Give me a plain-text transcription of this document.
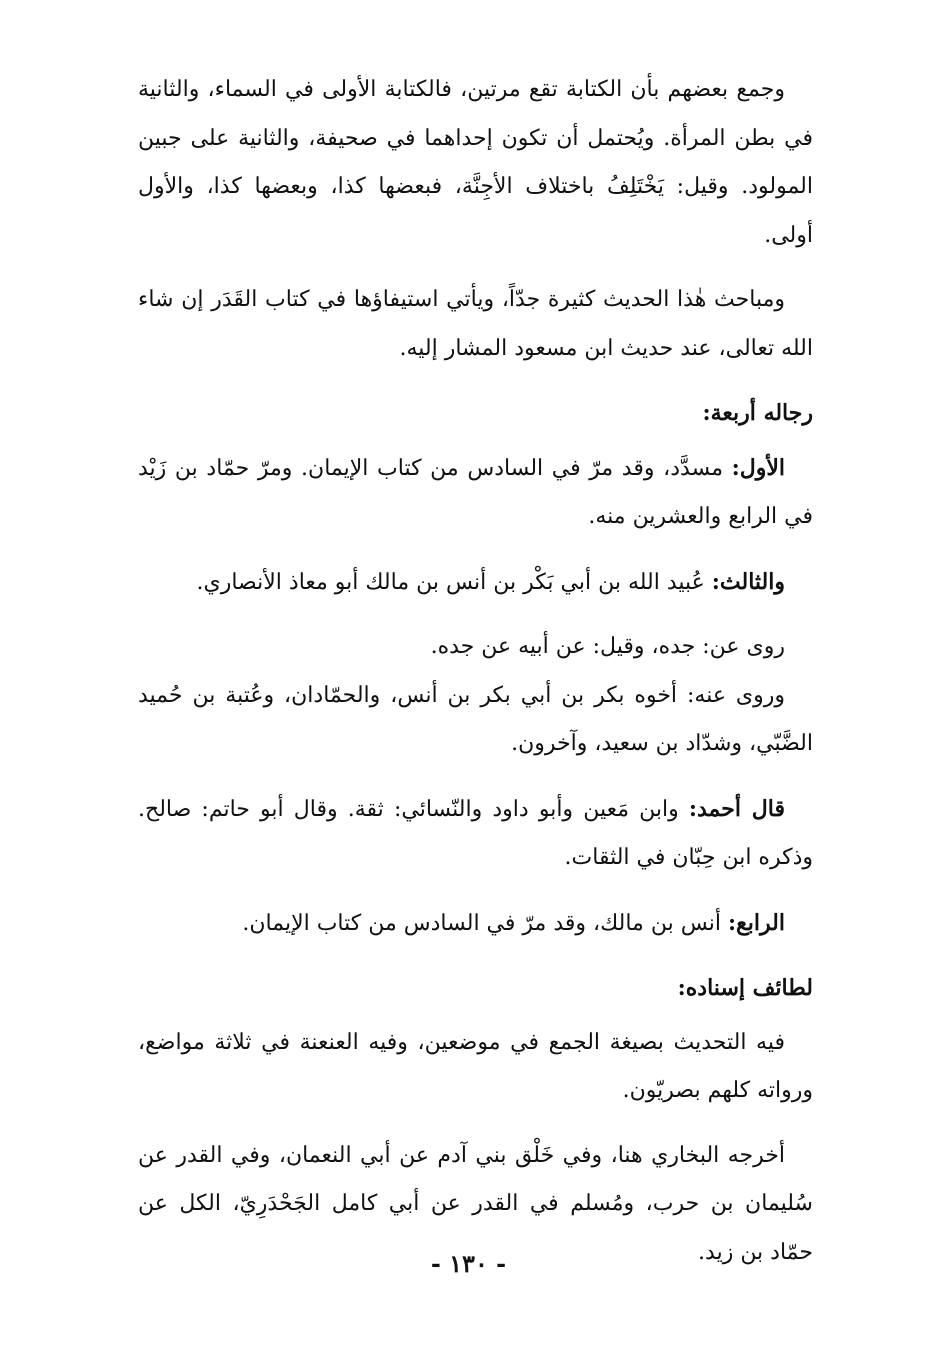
وجمع بعضهم بأن الكتابة تقع مرتين، فالكتابة الأولى في السماء، والثانية في بطن المرأة. ويُحتمل أن تكون إحداهما في صحيفة، والثانية على جبين المولود. وقيل: يَخْتَلِفُ باختلاف الأجِنَّة، فبعضها كذا، وبعضها كذا، والأول أولى.

ومباحث هٰذا الحديث كثيرة جدّاً، ويأتي استيفاؤها في كتاب القَدَر إن شاء الله تعالى، عند حديث ابن مسعود المشار إليه.

رجاله أربعة:

الأول: مسدَّد، وقد مرّ في السادس من كتاب الإيمان. ومرّ حمّاد بن زَيْد في الرابع والعشرين منه.

والثالث: عُبيد الله بن أبي بَكْر بن أنس بن مالك أبو معاذ الأنصاري.

روى عن: جده، وقيل: عن أبيه عن جده.

وروى عنه: أخوه بكر بن أبي بكر بن أنس، والحمّادان، وعُتبة بن حُميد الضَّبّي، وشدّاد بن سعيد، وآخرون.

قال أحمد: وابن مَعين وأبو داود والنّسائي: ثقة. وقال أبو حاتم: صالح. وذكره ابن حِبّان في الثقات.

الرابع: أنس بن مالك، وقد مرّ في السادس من كتاب الإيمان.

لطائف إسناده:

فيه التحديث بصيغة الجمع في موضعين، وفيه العنعنة في ثلاثة مواضع، ورواته كلهم بصريّون.

أخرجه البخاري هنا، وفي خَلْق بني آدم عن أبي النعمان، وفي القدر عن سُليمان بن حرب، ومُسلم في القدر عن أبي كامل الجَحْدَرِيّ، الكل عن حمّاد بن زيد.

- ١٣٠ -
